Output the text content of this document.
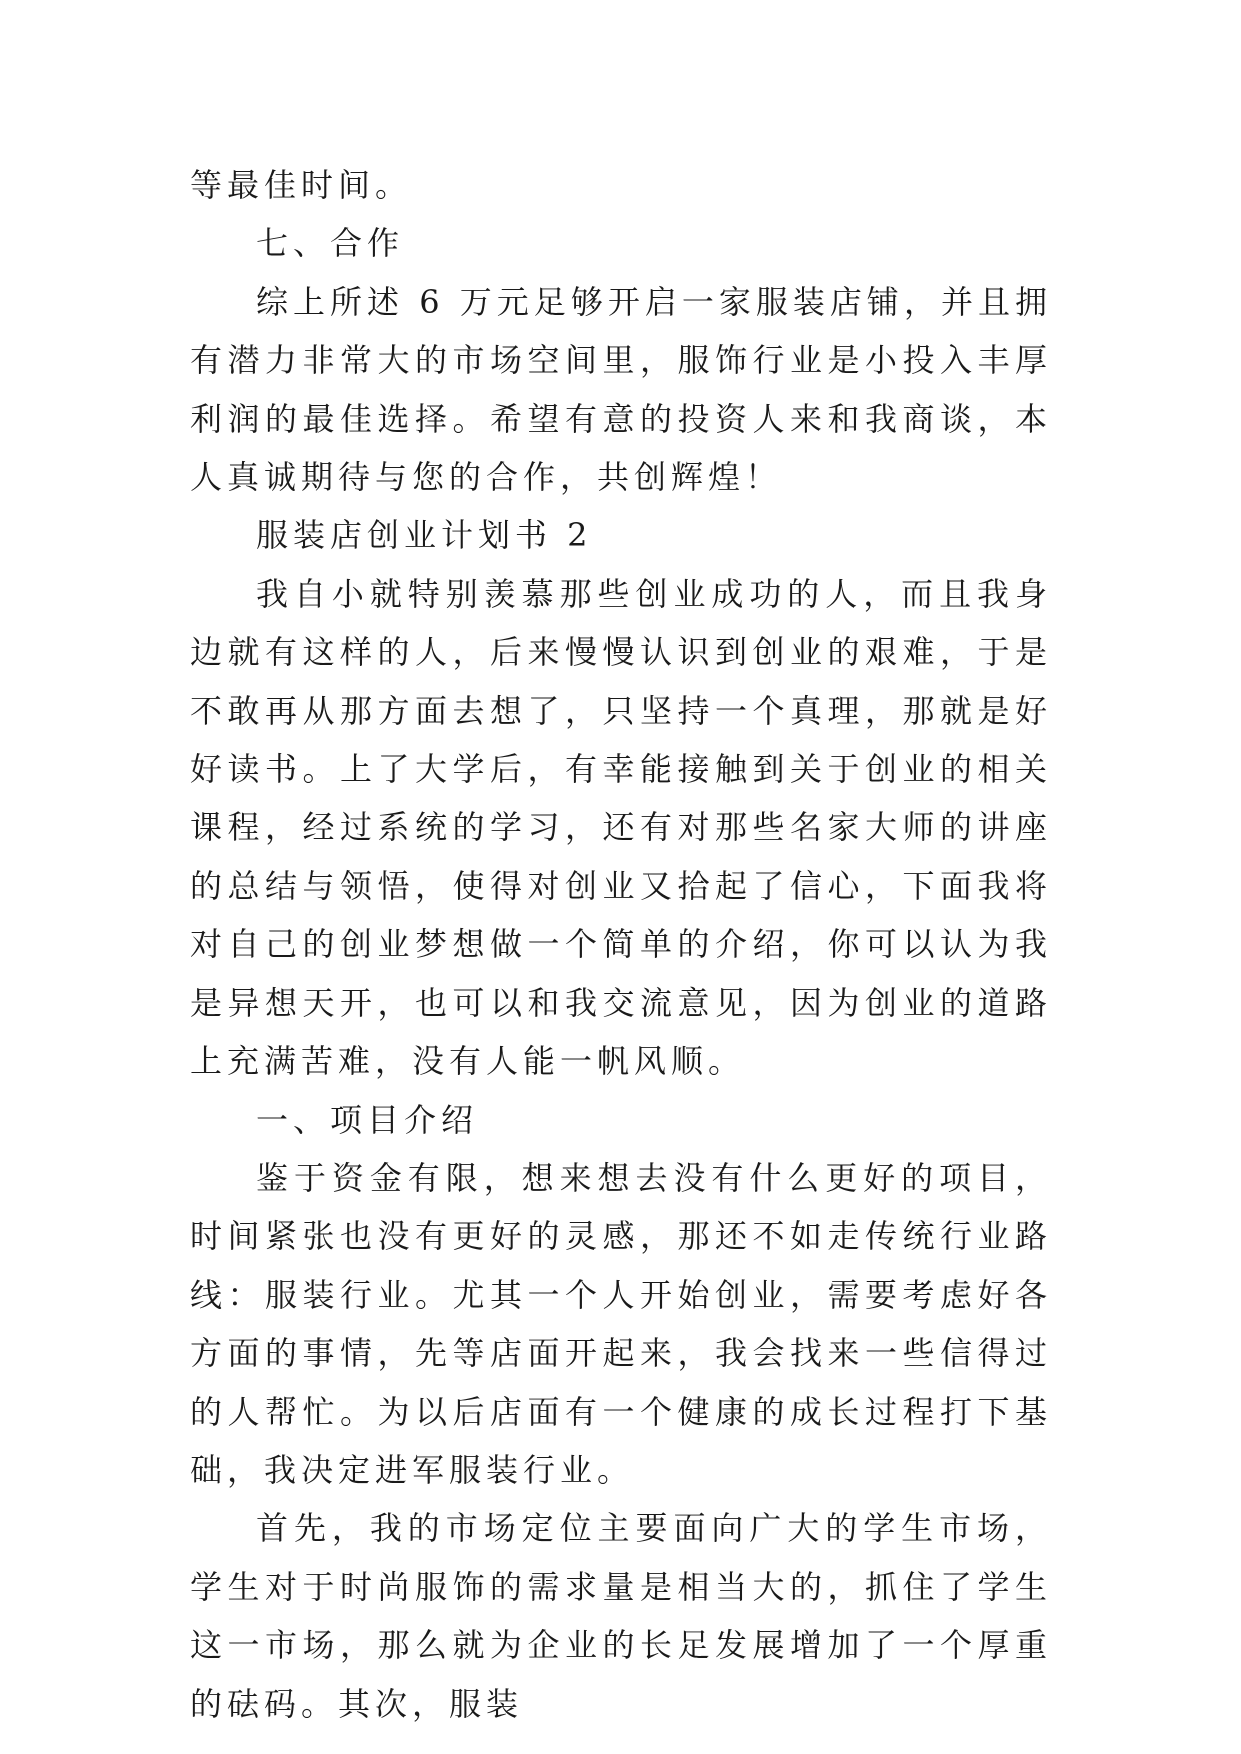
等最佳时间。

七、合作

综上所述 6 万元足够开启一家服装店铺，并且拥有潜力非常大的市场空间里，服饰行业是小投入丰厚利润的最佳选择。希望有意的投资人来和我商谈，本人真诚期待与您的合作，共创辉煌！

服装店创业计划书 2

我自小就特别羡慕那些创业成功的人，而且我身边就有这样的人，后来慢慢认识到创业的艰难，于是不敢再从那方面去想了，只坚持一个真理，那就是好好读书。上了大学后，有幸能接触到关于创业的相关课程，经过系统的学习，还有对那些名家大师的讲座的总结与领悟，使得对创业又拾起了信心，下面我将对自己的创业梦想做一个简单的介绍，你可以认为我是异想天开，也可以和我交流意见，因为创业的道路上充满苦难，没有人能一帆风顺。

一、项目介绍

鉴于资金有限，想来想去没有什么更好的项目，时间紧张也没有更好的灵感，那还不如走传统行业路线：服装行业。尤其一个人开始创业，需要考虑好各方面的事情，先等店面开起来，我会找来一些信得过的人帮忙。为以后店面有一个健康的成长过程打下基础，我决定进军服装行业。

首先，我的市场定位主要面向广大的学生市场，学生对于时尚服饰的需求量是相当大的，抓住了学生这一市场，那么就为企业的长足发展增加了一个厚重的砝码。其次，服装
